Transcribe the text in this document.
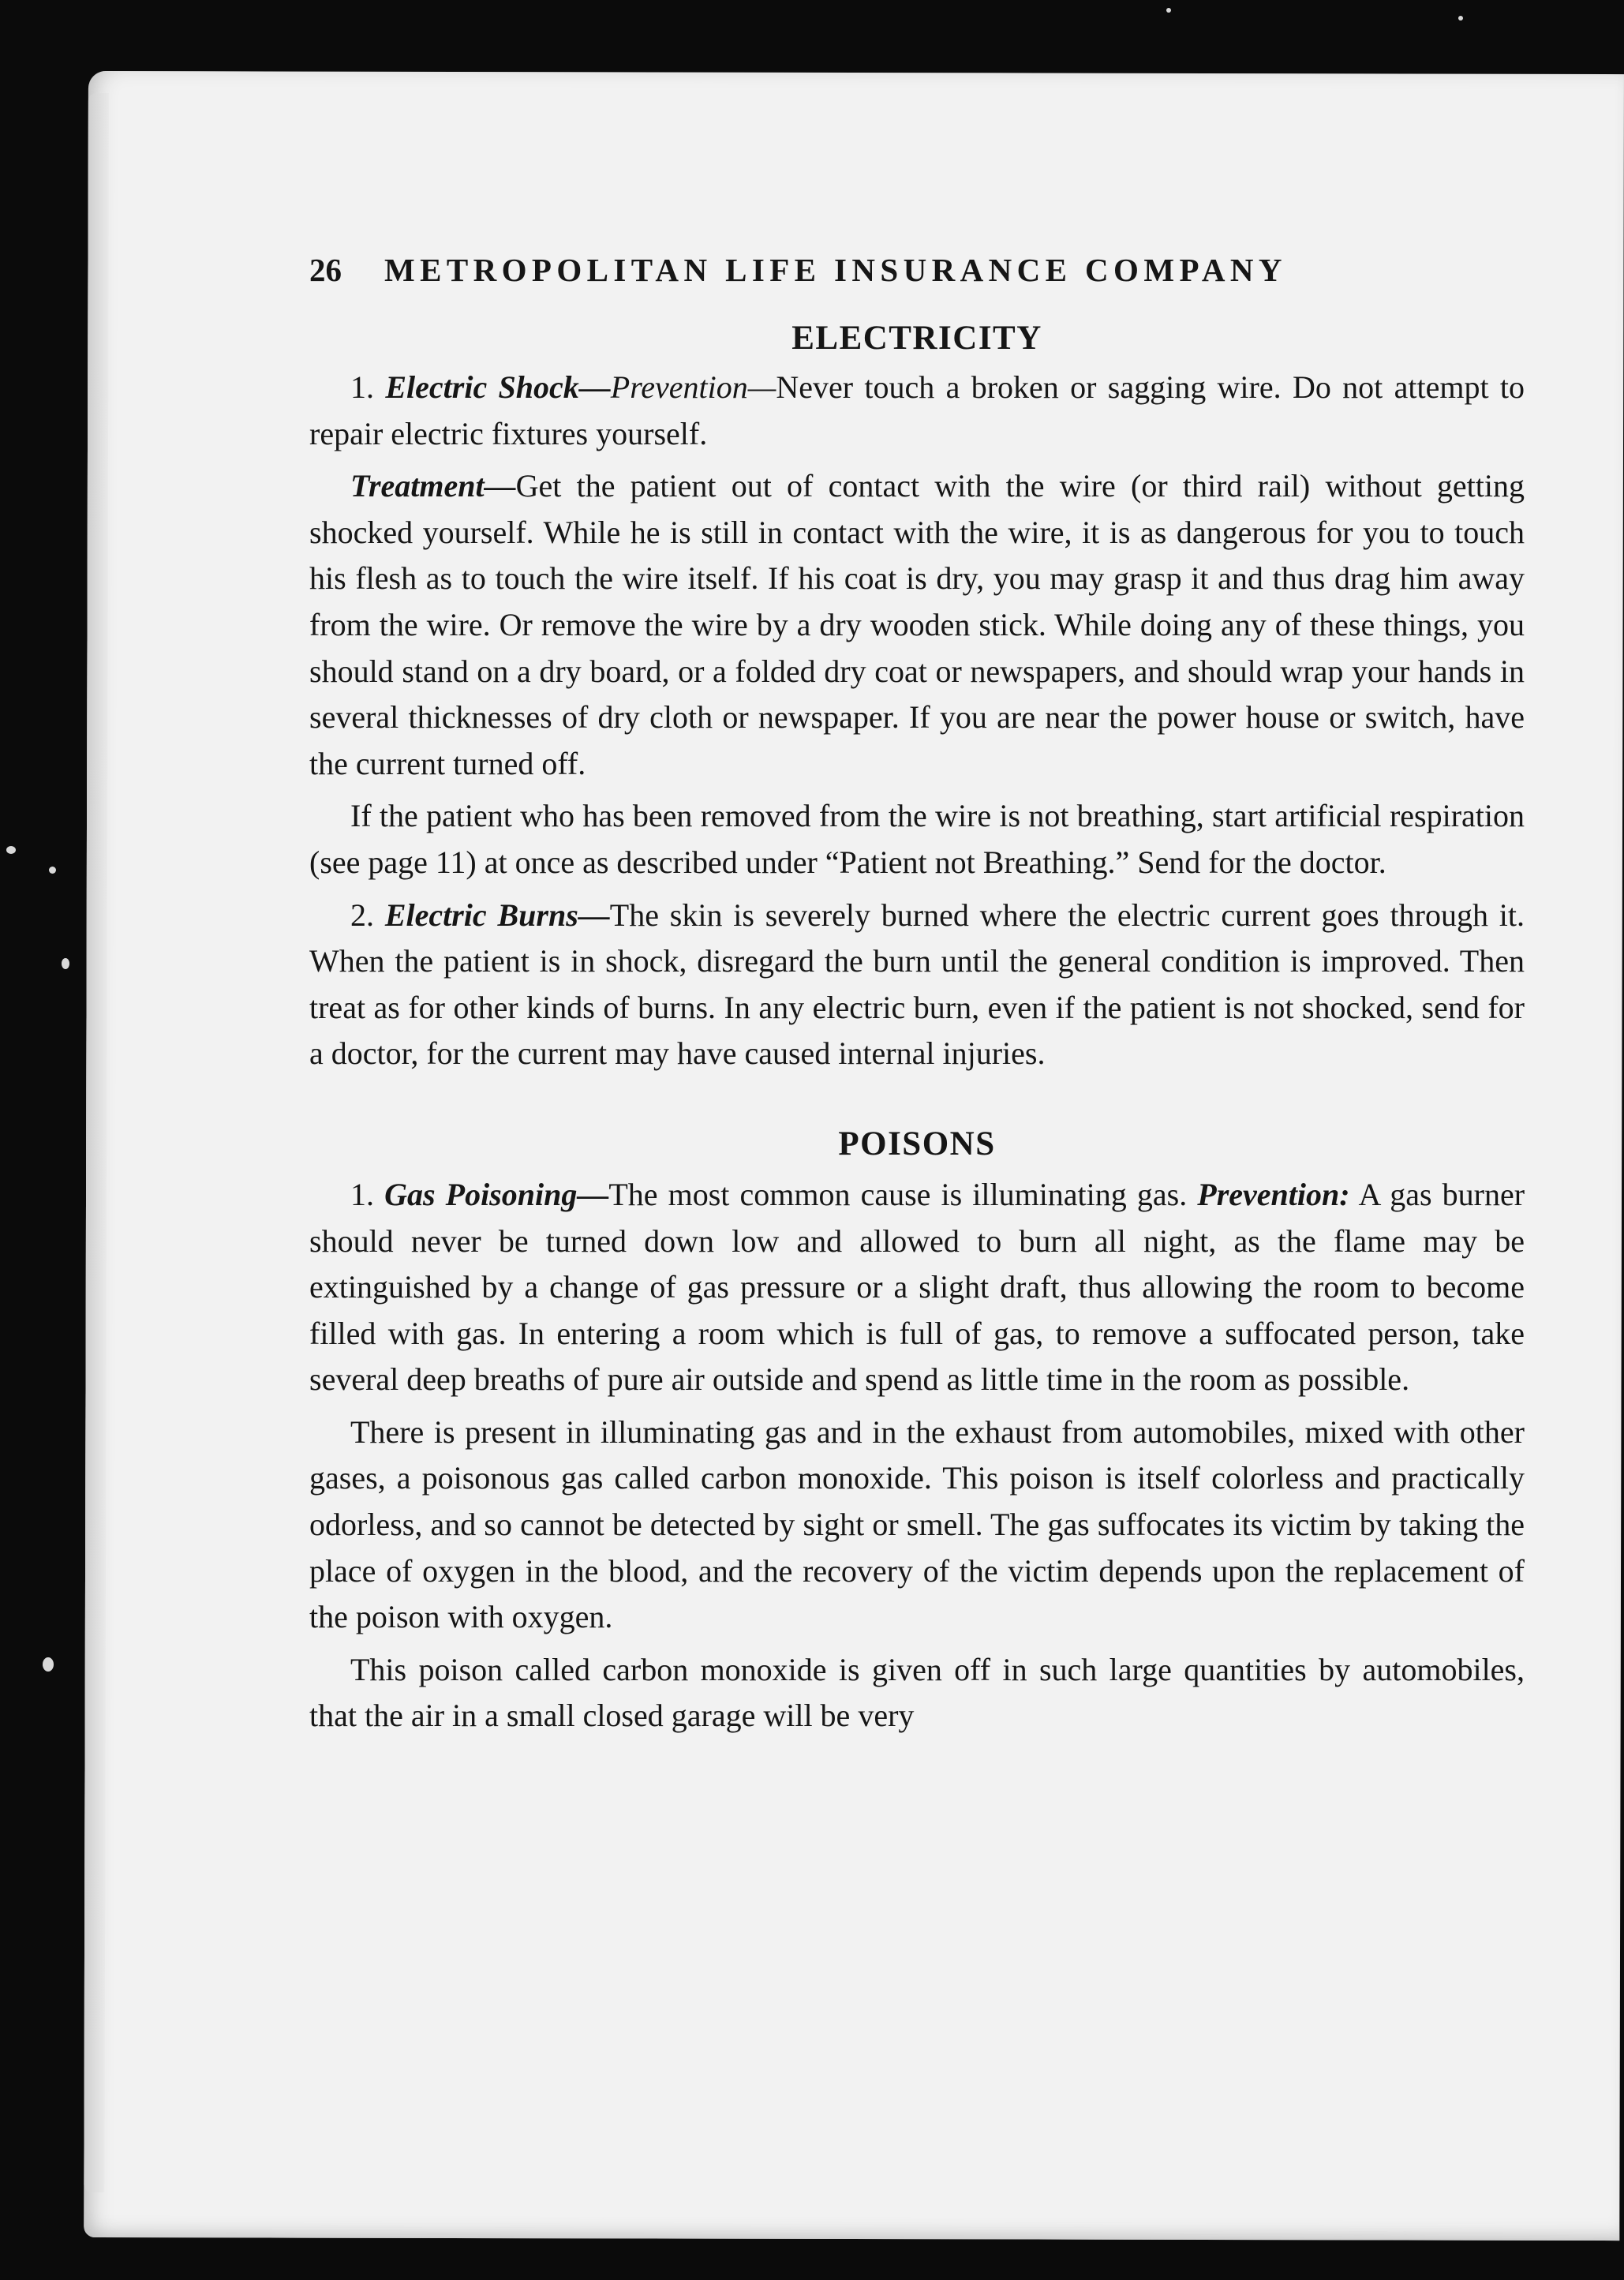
26 METROPOLITAN LIFE INSURANCE COMPANY
ELECTRICITY

1. Electric Shock—Prevention—Never touch a broken or sagging wire. Do not attempt to repair electric fixtures yourself.

Treatment—Get the patient out of contact with the wire (or third rail) without getting shocked yourself. While he is still in contact with the wire, it is as dangerous for you to touch his flesh as to touch the wire itself. If his coat is dry, you may grasp it and thus drag him away from the wire. Or remove the wire by a dry wooden stick. While doing any of these things, you should stand on a dry board, or a folded dry coat or newspapers, and should wrap your hands in several thicknesses of dry cloth or newspaper. If you are near the power house or switch, have the current turned off.

If the patient who has been removed from the wire is not breathing, start artificial respiration (see page 11) at once as described under “Patient not Breathing.” Send for the doctor.

2. Electric Burns—The skin is severely burned where the electric current goes through it. When the patient is in shock, disregard the burn until the general condition is improved. Then treat as for other kinds of burns. In any electric burn, even if the patient is not shocked, send for a doctor, for the current may have caused internal injuries.

POISONS

1. Gas Poisoning—The most common cause is illuminating gas. Prevention: A gas burner should never be turned down low and allowed to burn all night, as the flame may be extinguished by a change of gas pressure or a slight draft, thus allowing the room to become filled with gas. In entering a room which is full of gas, to remove a suffocated person, take several deep breaths of pure air outside and spend as little time in the room as possible.

There is present in illuminating gas and in the exhaust from automobiles, mixed with other gases, a poisonous gas called carbon monoxide. This poison is itself colorless and practically odorless, and so cannot be detected by sight or smell. The gas suffocates its victim by taking the place of oxygen in the blood, and the recovery of the victim depends upon the replacement of the poison with oxygen.

This poison called carbon monoxide is given off in such large quantities by automobiles, that the air in a small closed garage will be very
